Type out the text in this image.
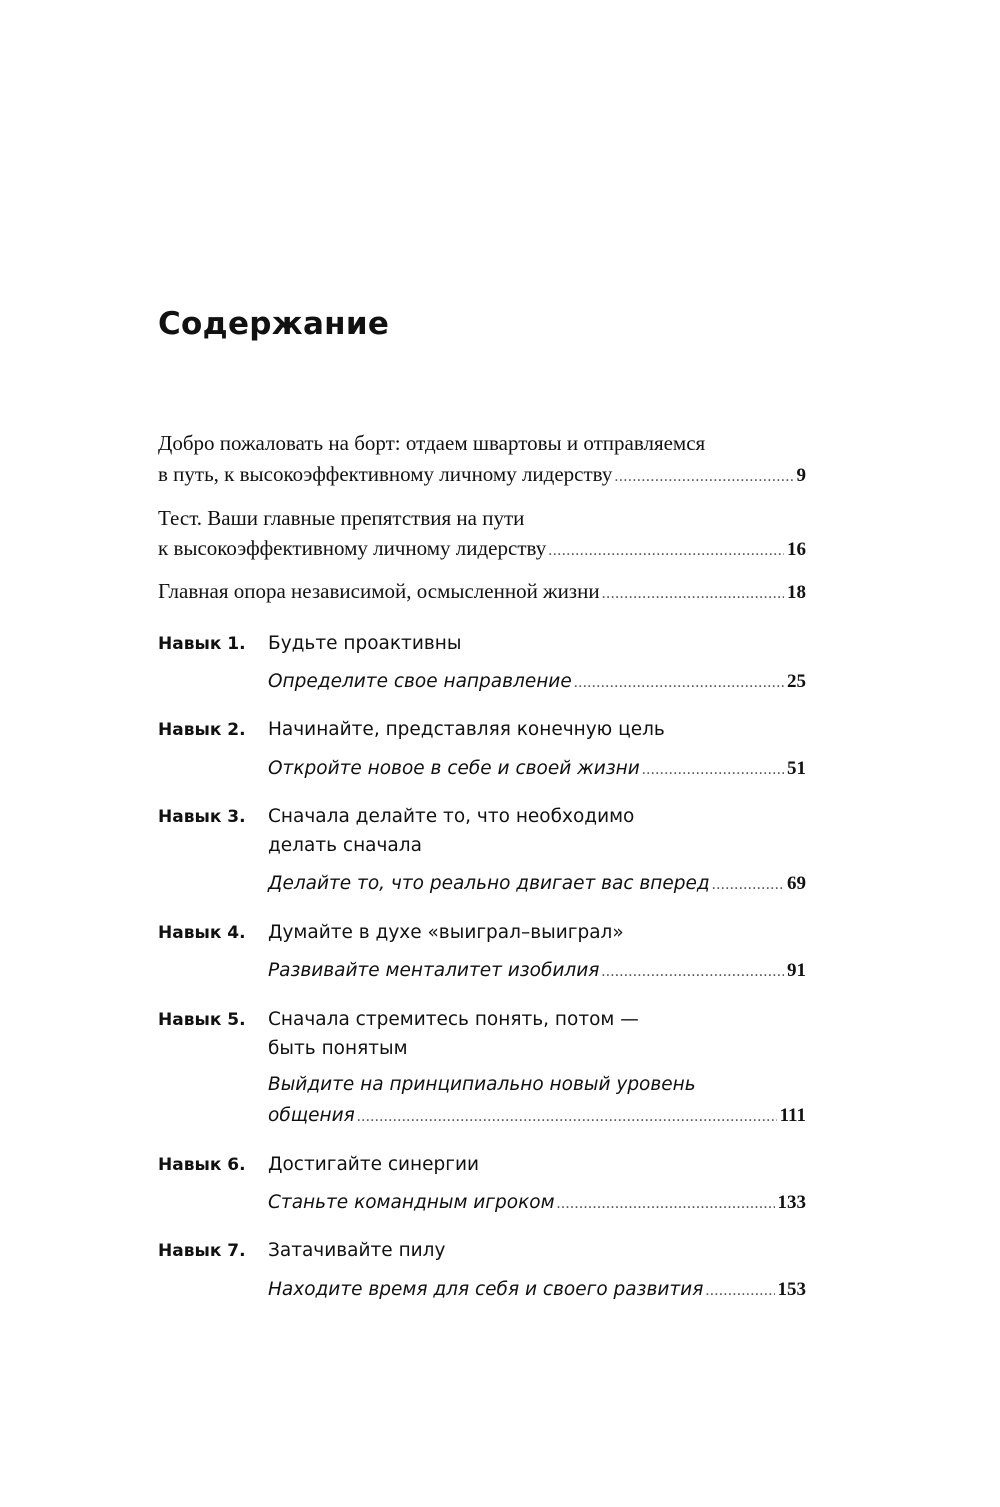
Содержание
Добро пожаловать на борт: отдаем швартовы и отправляемся
в путь, к высокоэффективному личному лидерству .....	9
Тест. Ваши главные препятствия на пути
к высокоэффективному личному лидерству .....	16
Главная опора независимой, осмысленной жизни .....	18
Навык 1. Будьте проактивны
Определите свое направление .....	25
Навык 2. Начинайте, представляя конечную цель
Откройте новое в себе и своей жизни .....	51
Навык 3. Сначала делайте то, что необходимо
делать сначала
Делайте то, что реально двигает вас вперед .....	69
Навык 4. Думайте в духе «выиграл–выиграл»
Развивайте менталитет изобилия .....	91
Навык 5. Сначала стремитесь понять, потом —
быть понятым
Выйдите на принципиально новый уровень
общения .....	111
Навык 6. Достигайте синергии
Станьте командным игроком .....	133
Навык 7. Затачивайте пилу
Находите время для себя и своего развития .....	153
